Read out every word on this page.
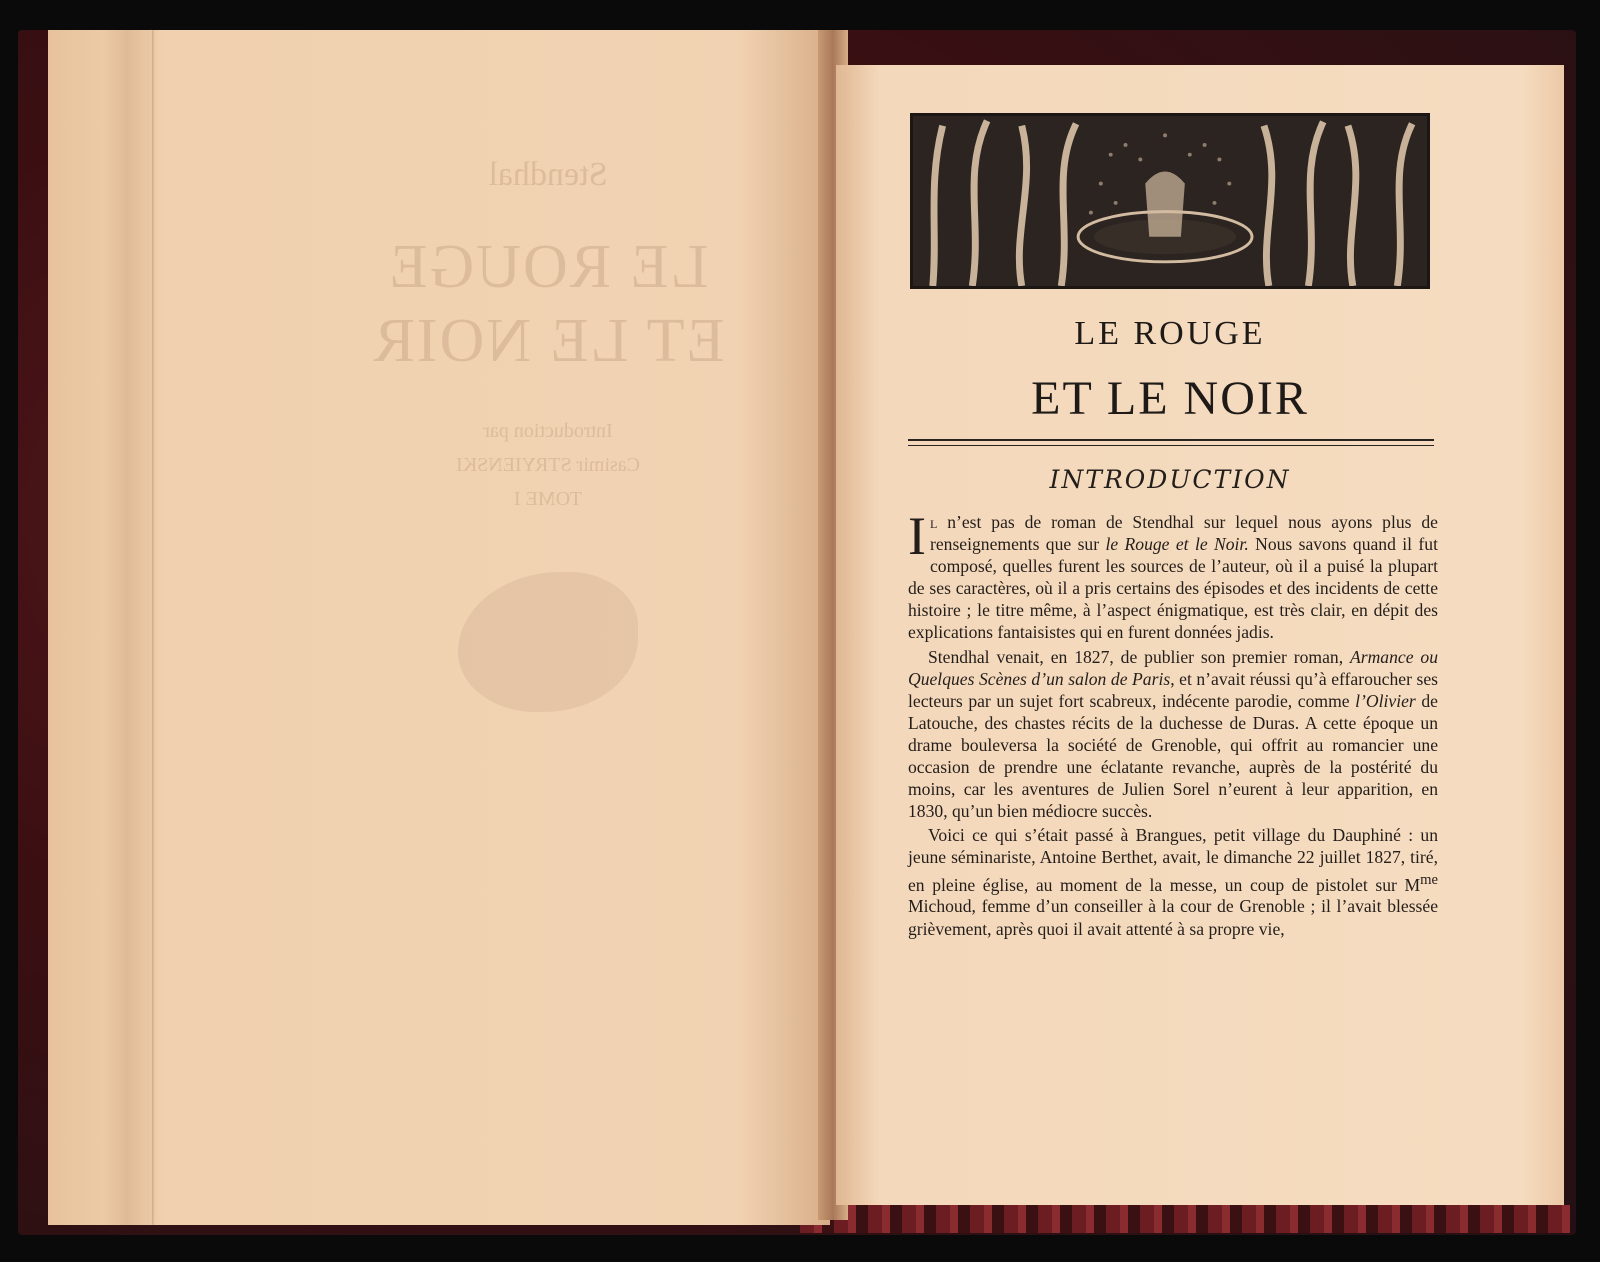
Stendhal
LE ROUGE
ET LE NOIR
Introduction par
Casimir STRYIENSKI
TOME I
LE ROUGE
ET LE NOIR
INTRODUCTION

Il n’est pas de roman de Stendhal sur lequel nous ayons plus de renseignements que sur le Rouge et le Noir. Nous savons quand il fut composé, quelles furent les sources de l’auteur, où il a puisé la plupart de ses caractères, où il a pris certains des épisodes et des incidents de cette histoire ; le titre même, à l’aspect énigmatique, est très clair, en dépit des explications fantaisistes qui en furent données jadis.

Stendhal venait, en 1827, de publier son premier roman, Armance ou Quelques Scènes d’un salon de Paris, et n’avait réussi qu’à effaroucher ses lecteurs par un sujet fort scabreux, indécente parodie, comme l’Olivier de Latouche, des chastes récits de la duchesse de Duras. A cette époque un drame bouleversa la société de Grenoble, qui offrit au romancier une occasion de prendre une éclatante revanche, auprès de la postérité du moins, car les aventures de Julien Sorel n’eurent à leur apparition, en 1830, qu’un bien médiocre succès.

Voici ce qui s’était passé à Brangues, petit village du Dauphiné : un jeune séminariste, Antoine Berthet, avait, le dimanche 22 juillet 1827, tiré, en pleine église, au moment de la messe, un coup de pistolet sur $M^{me}$ Michoud, femme d’un conseiller à la cour de Grenoble ; il l’avait blessée grièvement, après quoi il avait attenté à sa propre vie,
